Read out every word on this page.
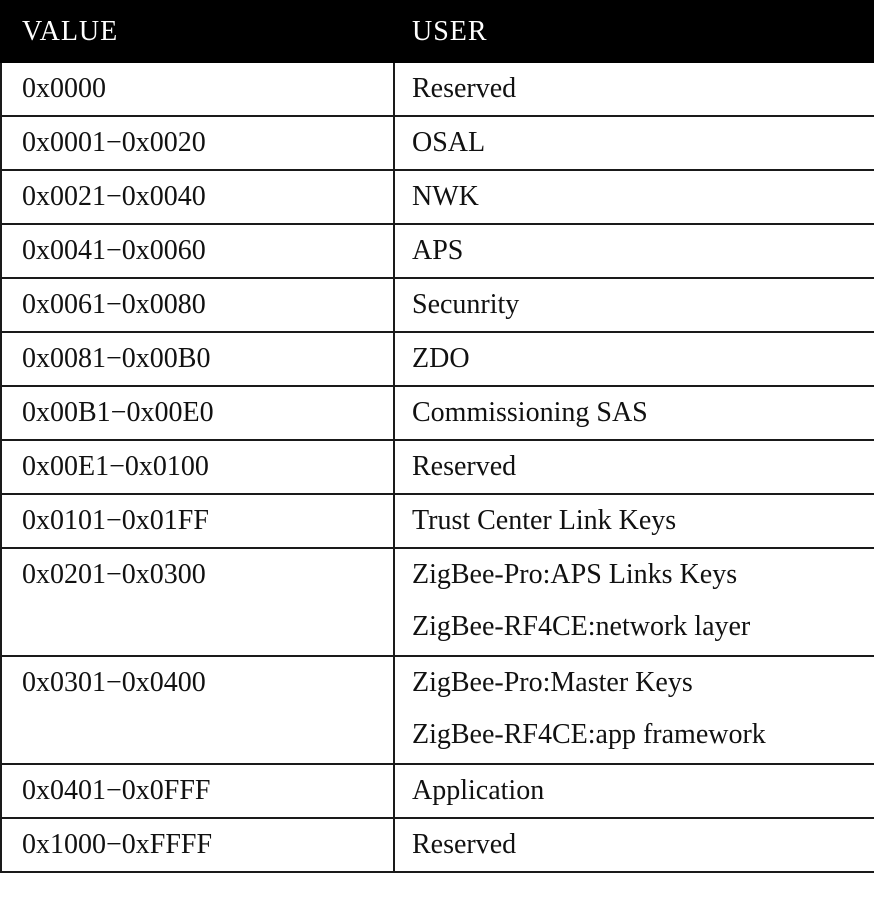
VALUE	USER
0x0000	Reserved
0x0001−0x0020	OSAL
0x0021−0x0040	NWK
0x0041−0x0060	APS
0x0061−0x0080	Secunrity
0x0081−0x00B0	ZDO
0x00B1−0x00E0	Commissioning SAS
0x00E1−0x0100	Reserved
0x0101−0x01FF	Trust Center Link Keys

0x0201−0x0300	ZigBee-Pro:APS Links Keys
ZigBee-RF4CE:network layer

0x0301−0x0400	ZigBee-Pro:Master Keys
ZigBee-RF4CE:app framework

0x0401−0x0FFF	Application
0x1000−0xFFFF	Reserved
